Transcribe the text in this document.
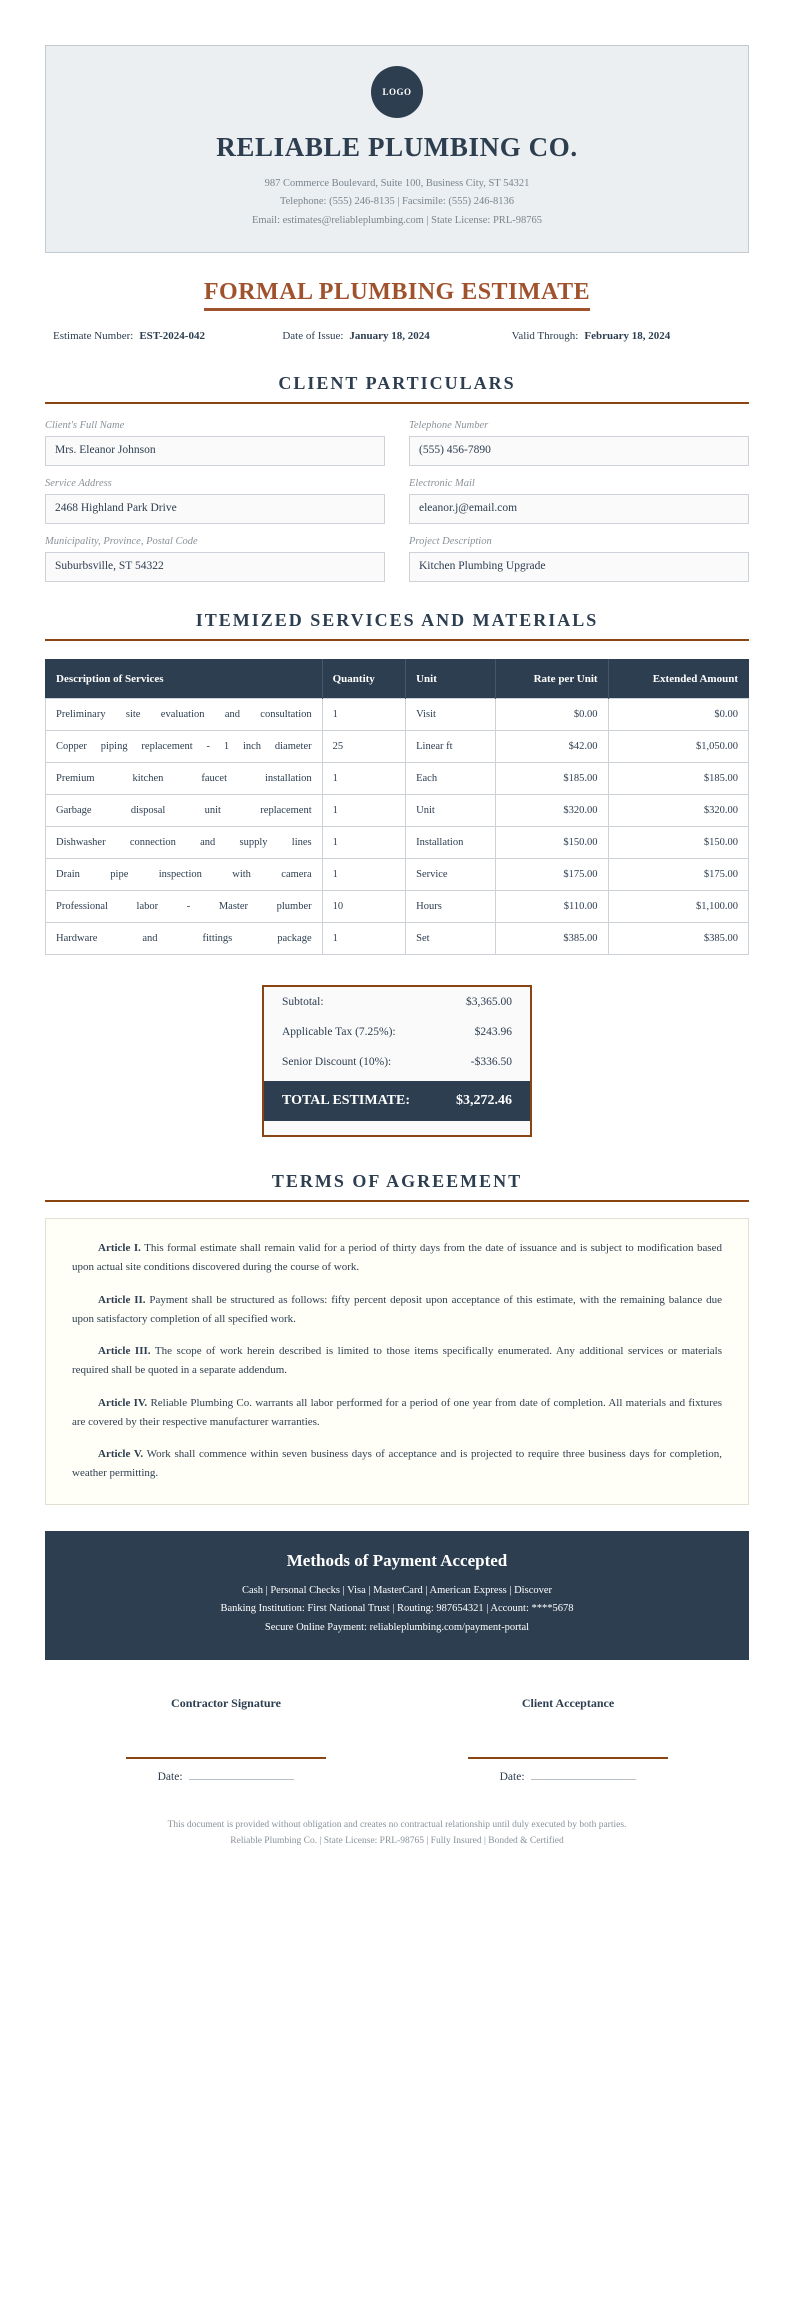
LOGO
RELIABLE PLUMBING CO.
987 Commerce Boulevard, Suite 100, Business City, ST 54321
Telephone: (555) 246-8135 | Facsimile: (555) 246-8136
Email: estimates@reliableplumbing.com | State License: PRL-98765
FORMAL PLUMBING ESTIMATE
Estimate Number: EST-2024-042	Date of Issue: January 18, 2024	Valid Through: February 18, 2024
CLIENT PARTICULARS
Client's Full Name
Mrs. Eleanor Johnson
Telephone Number
(555) 456-7890
Service Address
2468 Highland Park Drive
Electronic Mail
eleanor.j@email.com
Municipality, Province, Postal Code
Suburbsville, ST 54322
Project Description
Kitchen Plumbing Upgrade
ITEMIZED SERVICES AND MATERIALS
Description of Services	Quantity	Unit	Rate per Unit	Extended Amount
Preliminary site evaluation and consultation	1	Visit	$0.00	$0.00
Copper piping replacement - 1 inch diameter	25	Linear ft	$42.00	$1,050.00
Premium kitchen faucet installation	1	Each	$185.00	$185.00
Garbage disposal unit replacement	1	Unit	$320.00	$320.00
Dishwasher connection and supply lines	1	Installation	$150.00	$150.00
Drain pipe inspection with camera	1	Service	$175.00	$175.00
Professional labor - Master plumber	10	Hours	$110.00	$1,100.00
Hardware and fittings package	1	Set	$385.00	$385.00
Subtotal:	$3,365.00
Applicable Tax (7.25%):	$243.96
Senior Discount (10%):	-$336.50
TOTAL ESTIMATE:	$3,272.46
TERMS OF AGREEMENT

Article I. This formal estimate shall remain valid for a period of thirty days from the date of issuance and is subject to modification based upon actual site conditions discovered during the course of work.

Article II. Payment shall be structured as follows: fifty percent deposit upon acceptance of this estimate, with the remaining balance due upon satisfactory completion of all specified work.

Article III. The scope of work herein described is limited to those items specifically enumerated. Any additional services or materials required shall be quoted in a separate addendum.

Article IV. Reliable Plumbing Co. warrants all labor performed for a period of one year from date of completion. All materials and fixtures are covered by their respective manufacturer warranties.

Article V. Work shall commence within seven business days of acceptance and is projected to require three business days for completion, weather permitting.

Methods of Payment Accepted
Cash | Personal Checks | Visa | MasterCard | American Express | Discover
Banking Institution: First National Trust | Routing: 987654321 | Account: ****5678
Secure Online Payment: reliableplumbing.com/payment-portal
Contractor Signature
Date:
Client Acceptance
Date:
This document is provided without obligation and creates no contractual relationship until duly executed by both parties.
Reliable Plumbing Co. | State License: PRL-98765 | Fully Insured | Bonded & Certified
